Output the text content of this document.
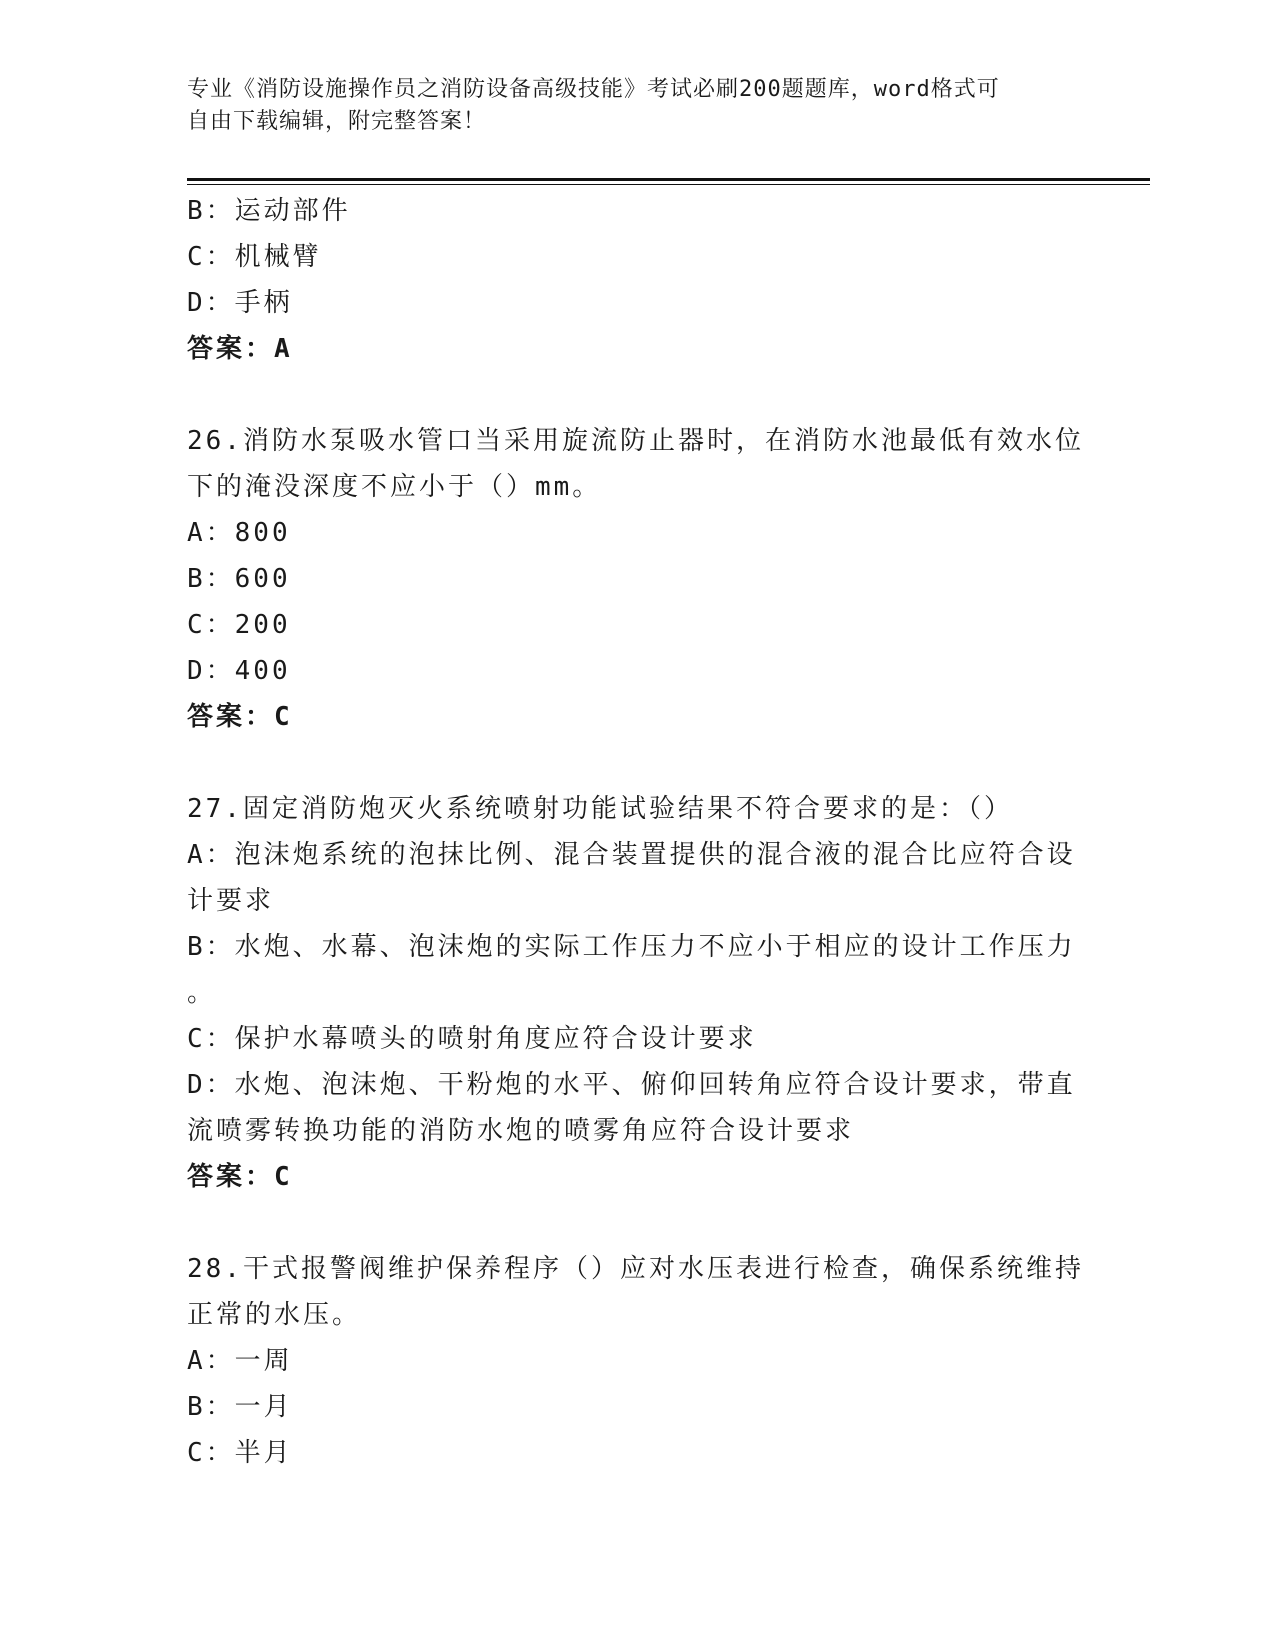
专业《消防设施操作员之消防设备高级技能》考试必刷200题题库，word格式可
自由下载编辑，附完整答案！
B：运动部件
C：机械臂
D：手柄
答案：A
26.消防水泵吸水管口当采用旋流防止器时，在消防水池最低有效水位
下的淹没深度不应小于（）mm。
A：800
B：600
C：200
D：400
答案：C
27.固定消防炮灭火系统喷射功能试验结果不符合要求的是：（）
A：泡沫炮系统的泡抹比例、混合装置提供的混合液的混合比应符合设
计要求
B：水炮、水幕、泡沫炮的实际工作压力不应小于相应的设计工作压力
。
C：保护水幕喷头的喷射角度应符合设计要求
D：水炮、泡沫炮、干粉炮的水平、俯仰回转角应符合设计要求，带直
流喷雾转换功能的消防水炮的喷雾角应符合设计要求
答案：C
28.干式报警阀维护保养程序（）应对水压表进行检查，确保系统维持
正常的水压。
A：一周
B：一月
C：半月
